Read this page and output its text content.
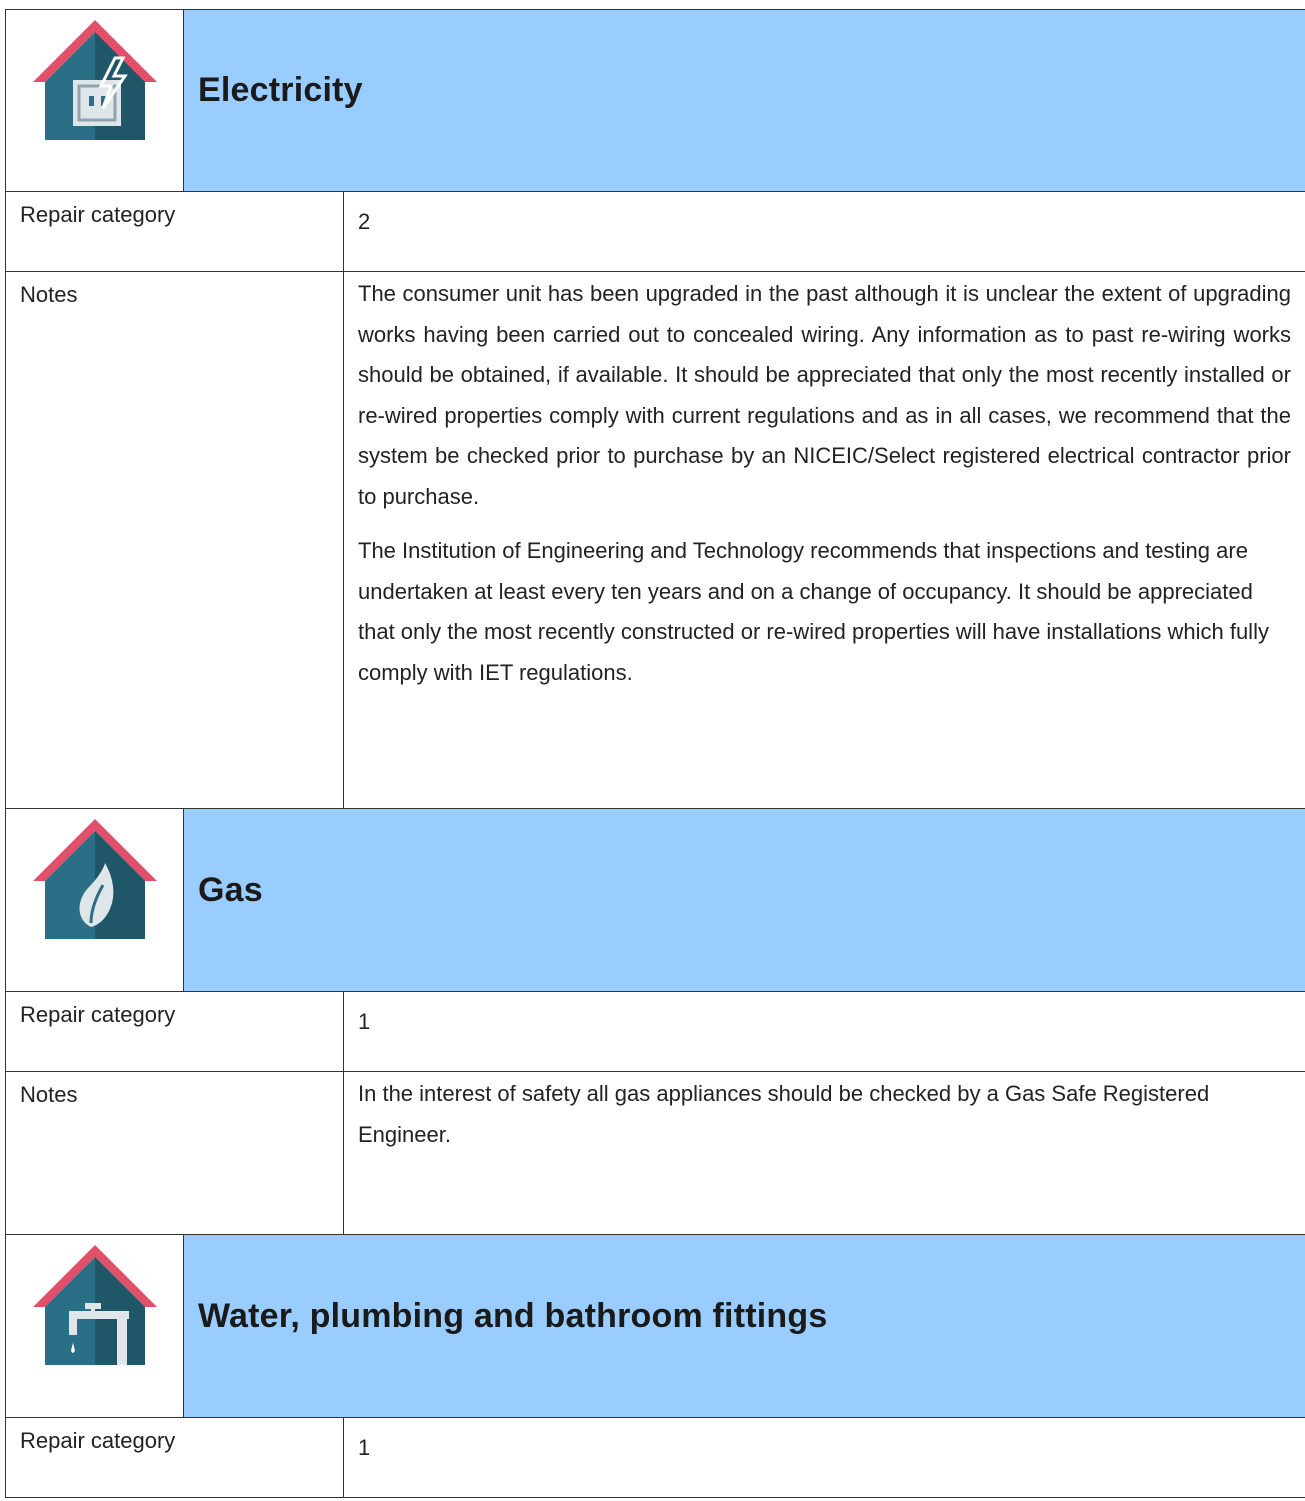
Electricity
Repair category	2
Notes	The consumer unit has been upgraded in the past although it is unclear the extent of upgrading works having been carried out to concealed wiring. Any information as to past re-wiring works should be obtained, if available. It should be appreciated that only the most recently installed or re-wired properties comply with current regulations and as in all cases, we recommend that the system be checked prior to purchase by an NICEIC/Select registered electrical contractor prior to purchase.

The Institution of Engineering and Technology recommends that inspections and testing are undertaken at least every ten years and on a change of occupancy. It should be appreciated that only the most recently constructed or re-wired properties will have installations which fully comply with IET regulations.

Gas
Repair category	1
Notes	In the interest of safety all gas appliances should be checked by a Gas Safe Registered Engineer.

Water, plumbing and bathroom fittings
Repair category	1
